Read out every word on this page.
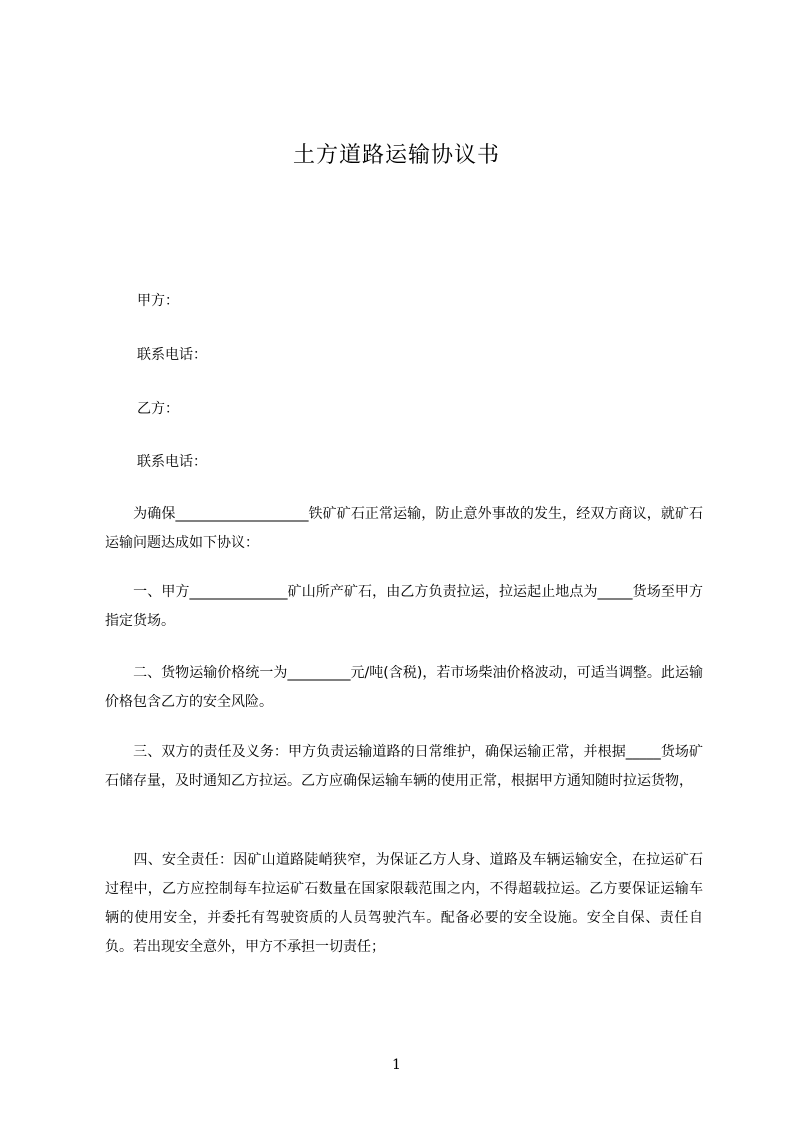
土方道路运输协议书
甲方：
联系电话：
乙方：
联系电话：

　　为确保___________________铁矿矿石正常运输，防止意外事故的发生，经双方商议，就矿石运输问题达成如下协议：

　　一、甲方______________矿山所产矿石，由乙方负责拉运，拉运起止地点为_____货场至甲方指定货场。

　　二、货物运输价格统一为_________元/吨(含税)，若市场柴油价格波动，可适当调整。此运输价格包含乙方的安全风险。

　　三、双方的责任及义务：甲方负责运输道路的日常维护，确保运输正常，并根据_____货场矿石储存量，及时通知乙方拉运。乙方应确保运输车辆的使用正常，根据甲方通知随时拉运货物，

　　四、安全责任：因矿山道路陡峭狭窄，为保证乙方人身、道路及车辆运输安全，在拉运矿石过程中，乙方应控制每车拉运矿石数量在国家限载范围之内，不得超载拉运。乙方要保证运输车辆的使用安全，并委托有驾驶资质的人员驾驶汽车。配备必要的安全设施。安全自保、责任自负。若出现安全意外，甲方不承担一切责任；

1
